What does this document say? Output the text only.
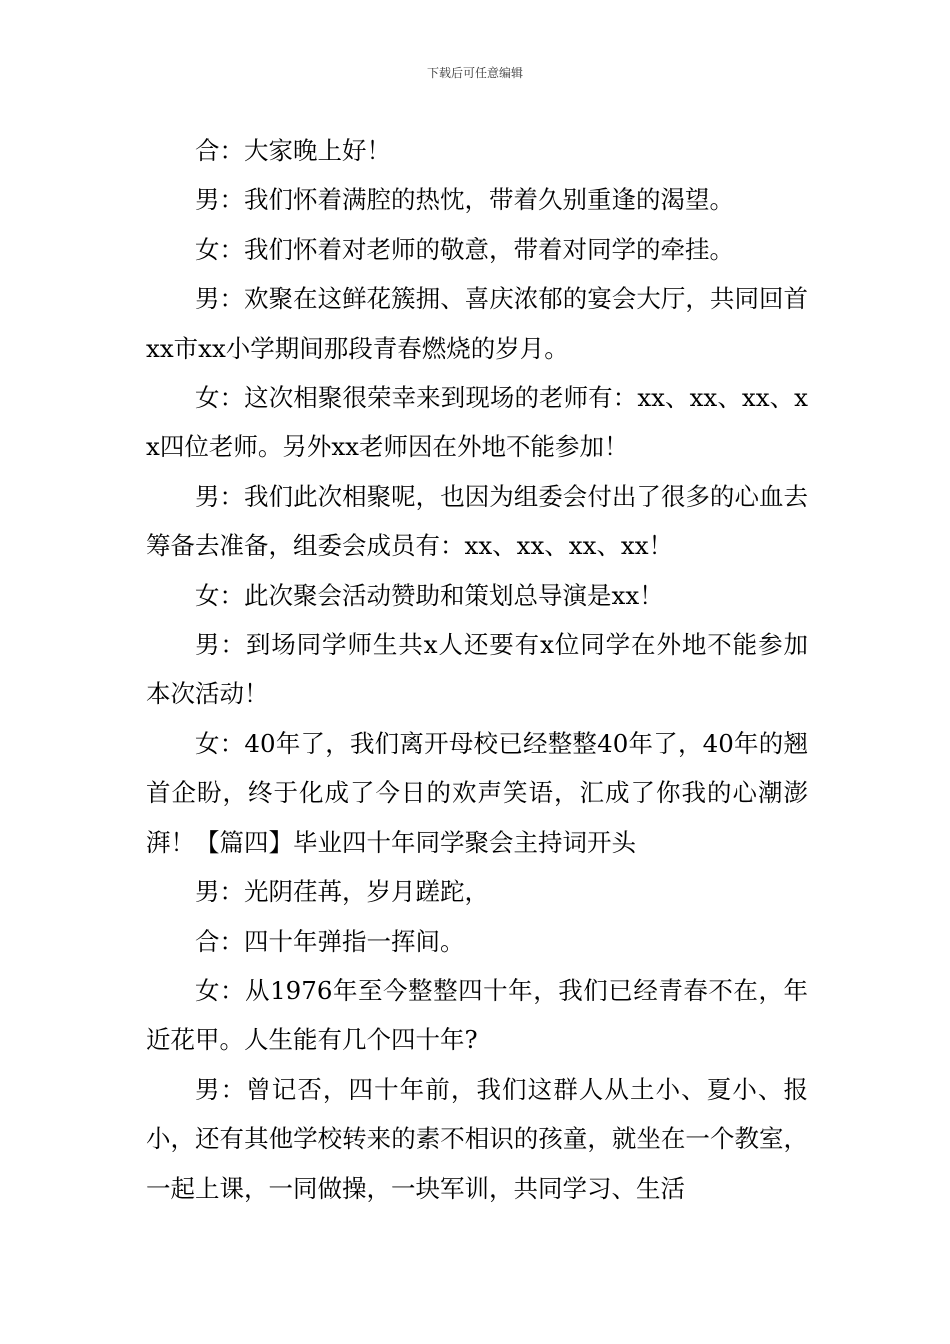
下载后可任意编辑

合：大家晚上好！

男：我们怀着满腔的热忱，带着久别重逢的渴望。

女：我们怀着对老师的敬意，带着对同学的牵挂。

男：欢聚在这鲜花簇拥、喜庆浓郁的宴会大厅，共同回首xx市xx小学期间那段青春燃烧的岁月。

女：这次相聚很荣幸来到现场的老师有：xx、xx、xx、xx四位老师。另外xx老师因在外地不能参加！

男：我们此次相聚呢，也因为组委会付出了很多的心血去筹备去准备，组委会成员有：xx、xx、xx、xx！

女：此次聚会活动赞助和策划总导演是xx！

男：到场同学师生共x人还要有x位同学在外地不能参加本次活动！

女：40年了，我们离开母校已经整整40年了，40年的翘首企盼，终于化成了今日的欢声笑语，汇成了你我的心潮澎湃！【篇四】毕业四十年同学聚会主持词开头

男：光阴荏苒，岁月蹉跎，

合：四十年弹指一挥间。

女：从1976年至今整整四十年，我们已经青春不在，年近花甲。人生能有几个四十年?

男：曾记否，四十年前，我们这群人从土小、夏小、报小，还有其他学校转来的素不相识的孩童，就坐在一个教室，一起上课，一同做操，一块军训，共同学习、生活
